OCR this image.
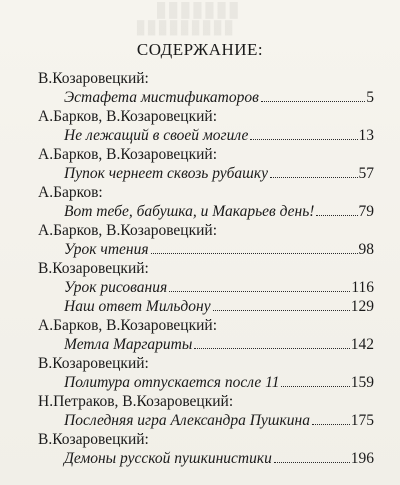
▮▮▮▮▮▮▮
▮▮▮▮▮▮▮▮▮
СОДЕРЖАНИЕ:
В.Козаровецкий:
Эстафета мистификаторов	5
А.Барков, В.Козаровецкий:
Не лежащий в своей могиле	13
А.Барков, В.Козаровецкий:
Пупок чернеет сквозь рубашку	57
А.Барков:
Вот тебе, бабушка, и Макарьев день!	79
А.Барков, В.Козаровецкий:
Урок чтения	98
В.Козаровецкий:
Урок рисования	116
Наш ответ Мильдону	129
А.Барков, В.Козаровецкий:
Метла Маргариты	142
В.Козаровецкий:
Политура отпускается после 11	159
Н.Петраков, В.Козаровецкий:
Последняя игра Александра Пушкина	175
В.Козаровецкий:
Демоны русской пушкинистики	196
